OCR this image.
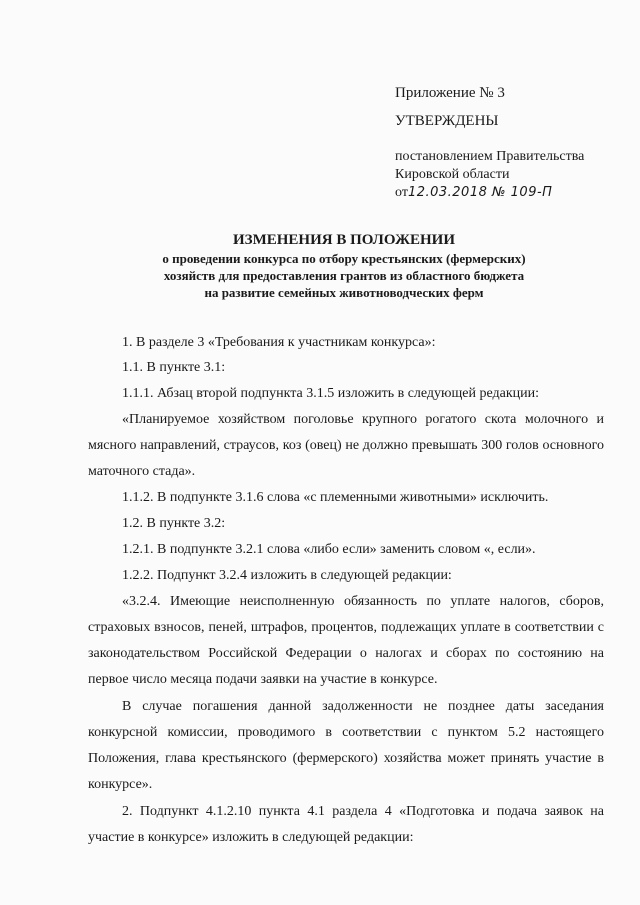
Приложение № 3
УТВЕРЖДЕНЫ
постановлением Правительства
Кировской области
от12.03.2018 № 109-П
ИЗМЕНЕНИЯ В ПОЛОЖЕНИИ
о проведении конкурса по отбору крестьянских (фермерских)
хозяйств для предоставления грантов из областного бюджета
на развитие семейных животноводческих ферм
1. В разделе 3 «Требования к участникам конкурса»:
1.1. В пункте 3.1:
1.1.1. Абзац второй подпункта 3.1.5 изложить в следующей редакции:
«Планируемое хозяйством поголовье крупного рогатого скота молочного и мясного направлений, страусов, коз (овец) не должно превышать 300 голов основного маточного стада».
1.1.2. В подпункте 3.1.6 слова «с племенными животными» исключить.
1.2. В пункте 3.2:
1.2.1. В подпункте 3.2.1 слова «либо если» заменить словом «, если».
1.2.2. Подпункт 3.2.4 изложить в следующей редакции:
«3.2.4. Имеющие неисполненную обязанность по уплате налогов, сборов, страховых взносов, пеней, штрафов, процентов, подлежащих уплате в соответствии с законодательством Российской Федерации о налогах и сборах по состоянию на первое число месяца подачи заявки на участие в конкурсе.
В случае погашения данной задолженности не позднее даты заседания конкурсной комиссии, проводимого в соответствии с пунктом 5.2 настоящего Положения, глава крестьянского (фермерского) хозяйства может принять участие в конкурсе».
2. Подпункт 4.1.2.10 пункта 4.1 раздела 4 «Подготовка и подача заявок на участие в конкурсе» изложить в следующей редакции:
